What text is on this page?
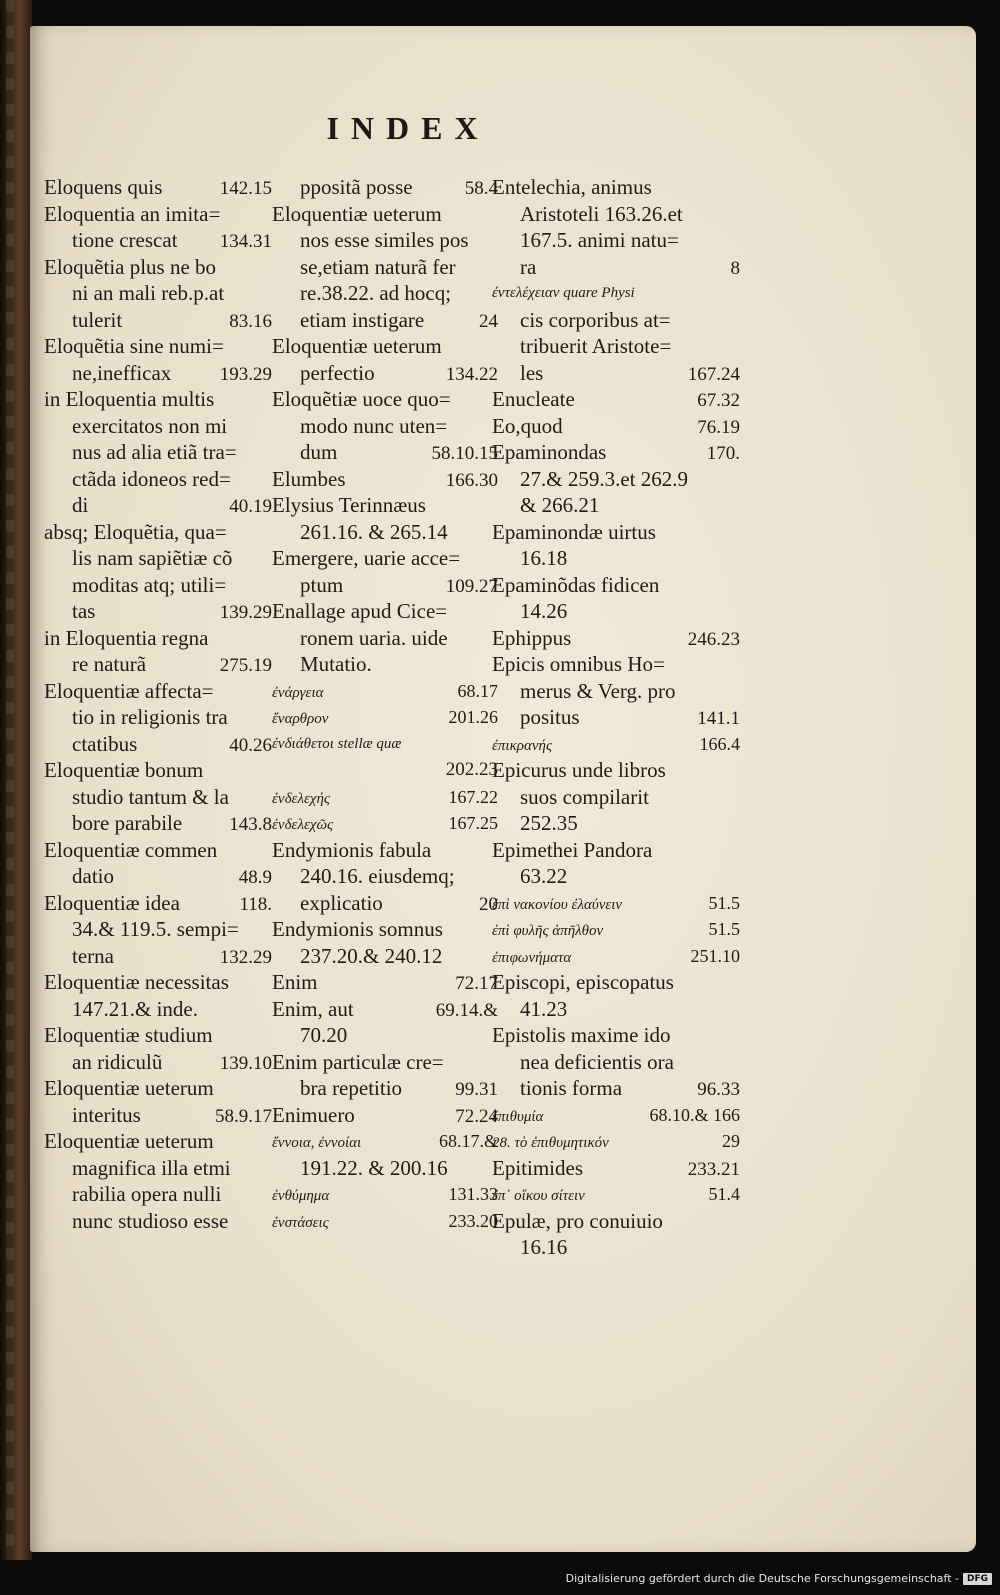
INDEX
Eloquens quis	142.15
Eloquentia an imita=
tione crescat 134.31
Eloquẽtia plus ne bo
ni an mali reb.p.at
tulerit	83.16
Eloquẽtia sine numi=
ne,inefficax	193.29
in Eloquentia multis
exercitatos non mi
nus ad alia etiã tra=
ctãda idoneos red=
di	40.19
absq; Eloquẽtia, qua=
lis nam sapiẽtiæ cõ
moditas atq; utili=
tas	139.29
in Eloquentia regna
re naturã	275.19
Eloquentiæ affecta=
tio in religionis tra
ctatibus	40.26
Eloquentiæ bonum
studio tantum & la
bore parabile 143.8
Eloquentiæ commen
datio	48.9
Eloquentiæ idea	118.
34.& 119.5. sempi=
terna	132.29
Eloquentiæ necessitas
147.21.& inde.
Eloquentiæ studium
an ridiculũ	139.10
Eloquentiæ ueterum
interitus	58.9.17
Eloquentiæ ueterum
magnifica illa etmi
rabilia opera nulli
nunc studioso esse
ppositã posse	58.4
Eloquentiæ ueterum
nos esse similes pos
se,etiam naturã fer
re.38.22. ad hocq;
etiam instigare	24
Eloquentiæ ueterum
perfectio	134.22
Eloquẽtiæ uoce quo=
modo nunc uten=
dum	58.10.15
Elumbes	166.30
Elysius Terinnæus
261.16. & 265.14
Emergere, uarie acce=
ptum	109.27
Enallage apud Cice=
ronem uaria. uide
Mutatio.
ἐνάργεια	68.17
ἔναρθρον	201.26
ἐνδιάθετοι stellæ quæ
202.23
ἐνδελεχής	167.22
ἐνδελεχῶς	167.25
Endymionis fabula
240.16. eiusdemq;
explicatio	20
Endymionis somnus
237.20.& 240.12
Enim	72.17
Enim, aut	69.14.&
70.20
Enim particulæ cre=
bra repetitio	99.31
Enimuero	72.24
ἔννοια, ἐννοίαι	68.17.&
191.22. & 200.16
ἐνθύμημα	131.33
ἐνστάσεις	233.20
Entelechia, animus
Aristoteli 163.26.et
167.5. animi natu=
ra	8
ἐντελέχειαν quare Physi
cis corporibus at=
tribuerit Aristote=
les	167.24
Enucleate	67.32
Eo,quod	76.19
Epaminondas	170.
27.& 259.3.et 262.9
& 266.21
Epaminondæ uirtus
16.18
Epaminõdas fidicen
14.26
Ephippus	246.23
Epicis omnibus Ho=
merus & Verg. pro
positus	141.1
ἐπικρανής	166.4
Epicurus unde libros
suos compilarit
252.35
Epimethei Pandora
63.22
ἐπὶ νακονίου ἐλαύνειν	51.5
ἐπὶ φυλῆς ἀπῆλθον	51.5
ἐπιφωνήματα	251.10
Episcopi, episcopatus
41.23
Epistolis maxime ido
nea deficientis ora
tionis forma	96.33
ἐπιθυμία	68.10.& 166
28. τὸ ἐπιθυμητικόν	29
Epitimides	233.21
ἐπ᾿ οἴκου σίτειν	51.4
Epulæ, pro conuiuio
16.16
Digitalisierung gefördert durch die Deutsche Forschungsgemeinschaft - DFG
